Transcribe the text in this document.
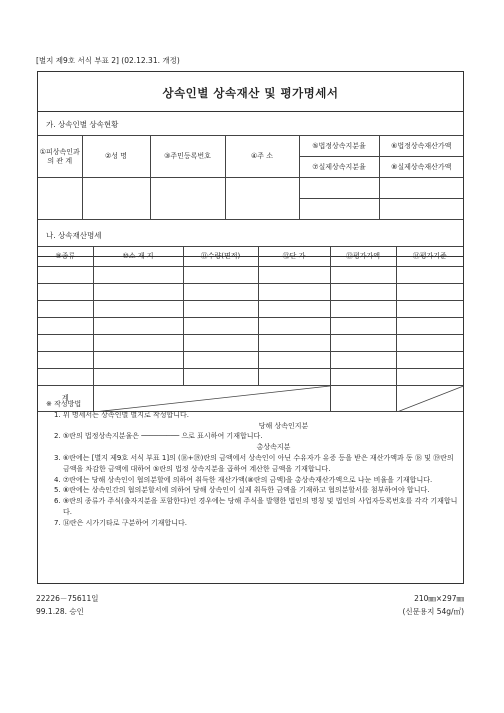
[별지 제9호 서식 부표 2] (02.12.31. 개정)
상속인별 상속재산 및 평가명세서
가. 상속인별 상속현황
①피상속인과의 관 계	②성 명	③주민등록번호	④주 소	⑤법정상속지분율	⑥법정상속재산가액
				⑦실제상속지분율	⑧실제상속재산가액

나. 상속재산명세
⑨종류	⑩소 재 지	⑪수량(면적)	⑫단 가	⑬평가가액	⑭평가기준

계	

※ 작성방법
1. 위 명세서는 상속인별 별지로 작성합니다.
당해 상속인지분
2. ⑤란의 법정상속지분율은 ───────── 으로 표시하여 기재합니다.
총상속지분
3. ⑥란에는 [별지 제9호 서식 부표 1]의 (⑱+⑲)란의 금액에서 상속인이 아닌 수유자가 유증 등을 받은 재산가액과 동 ⑱ 및 ⑲란의 금액을 차감한 금액에 대하여 ⑤란의 법정 상속지분을 곱하여 계산한 금액을 기재합니다.
4. ⑦란에는 당해 상속인이 협의분할에 의하여 취득한 재산가액(⑧란의 금액)을 총상속재산가액으로 나눈 비율을 기재합니다.
5. ⑧란에는 상속인간의 협의분할서에 의하여 당해 상속인이 실제 취득한 금액을 기재하고 협의분할서를 첨부하여야 합니다.
6. ⑨란의 종류가 주식(출자지분을 포함한다)인 경우에는 당해 주식을 발행한 법인의 명칭 및 법인의 사업자등록번호를 각각 기재합니다.
7. ⑭란은 시가기타로 구분하여 기재합니다.
22226－75611일
99.1.28. 승인
210㎜×297㎜
(신문용지 54g/㎡)
